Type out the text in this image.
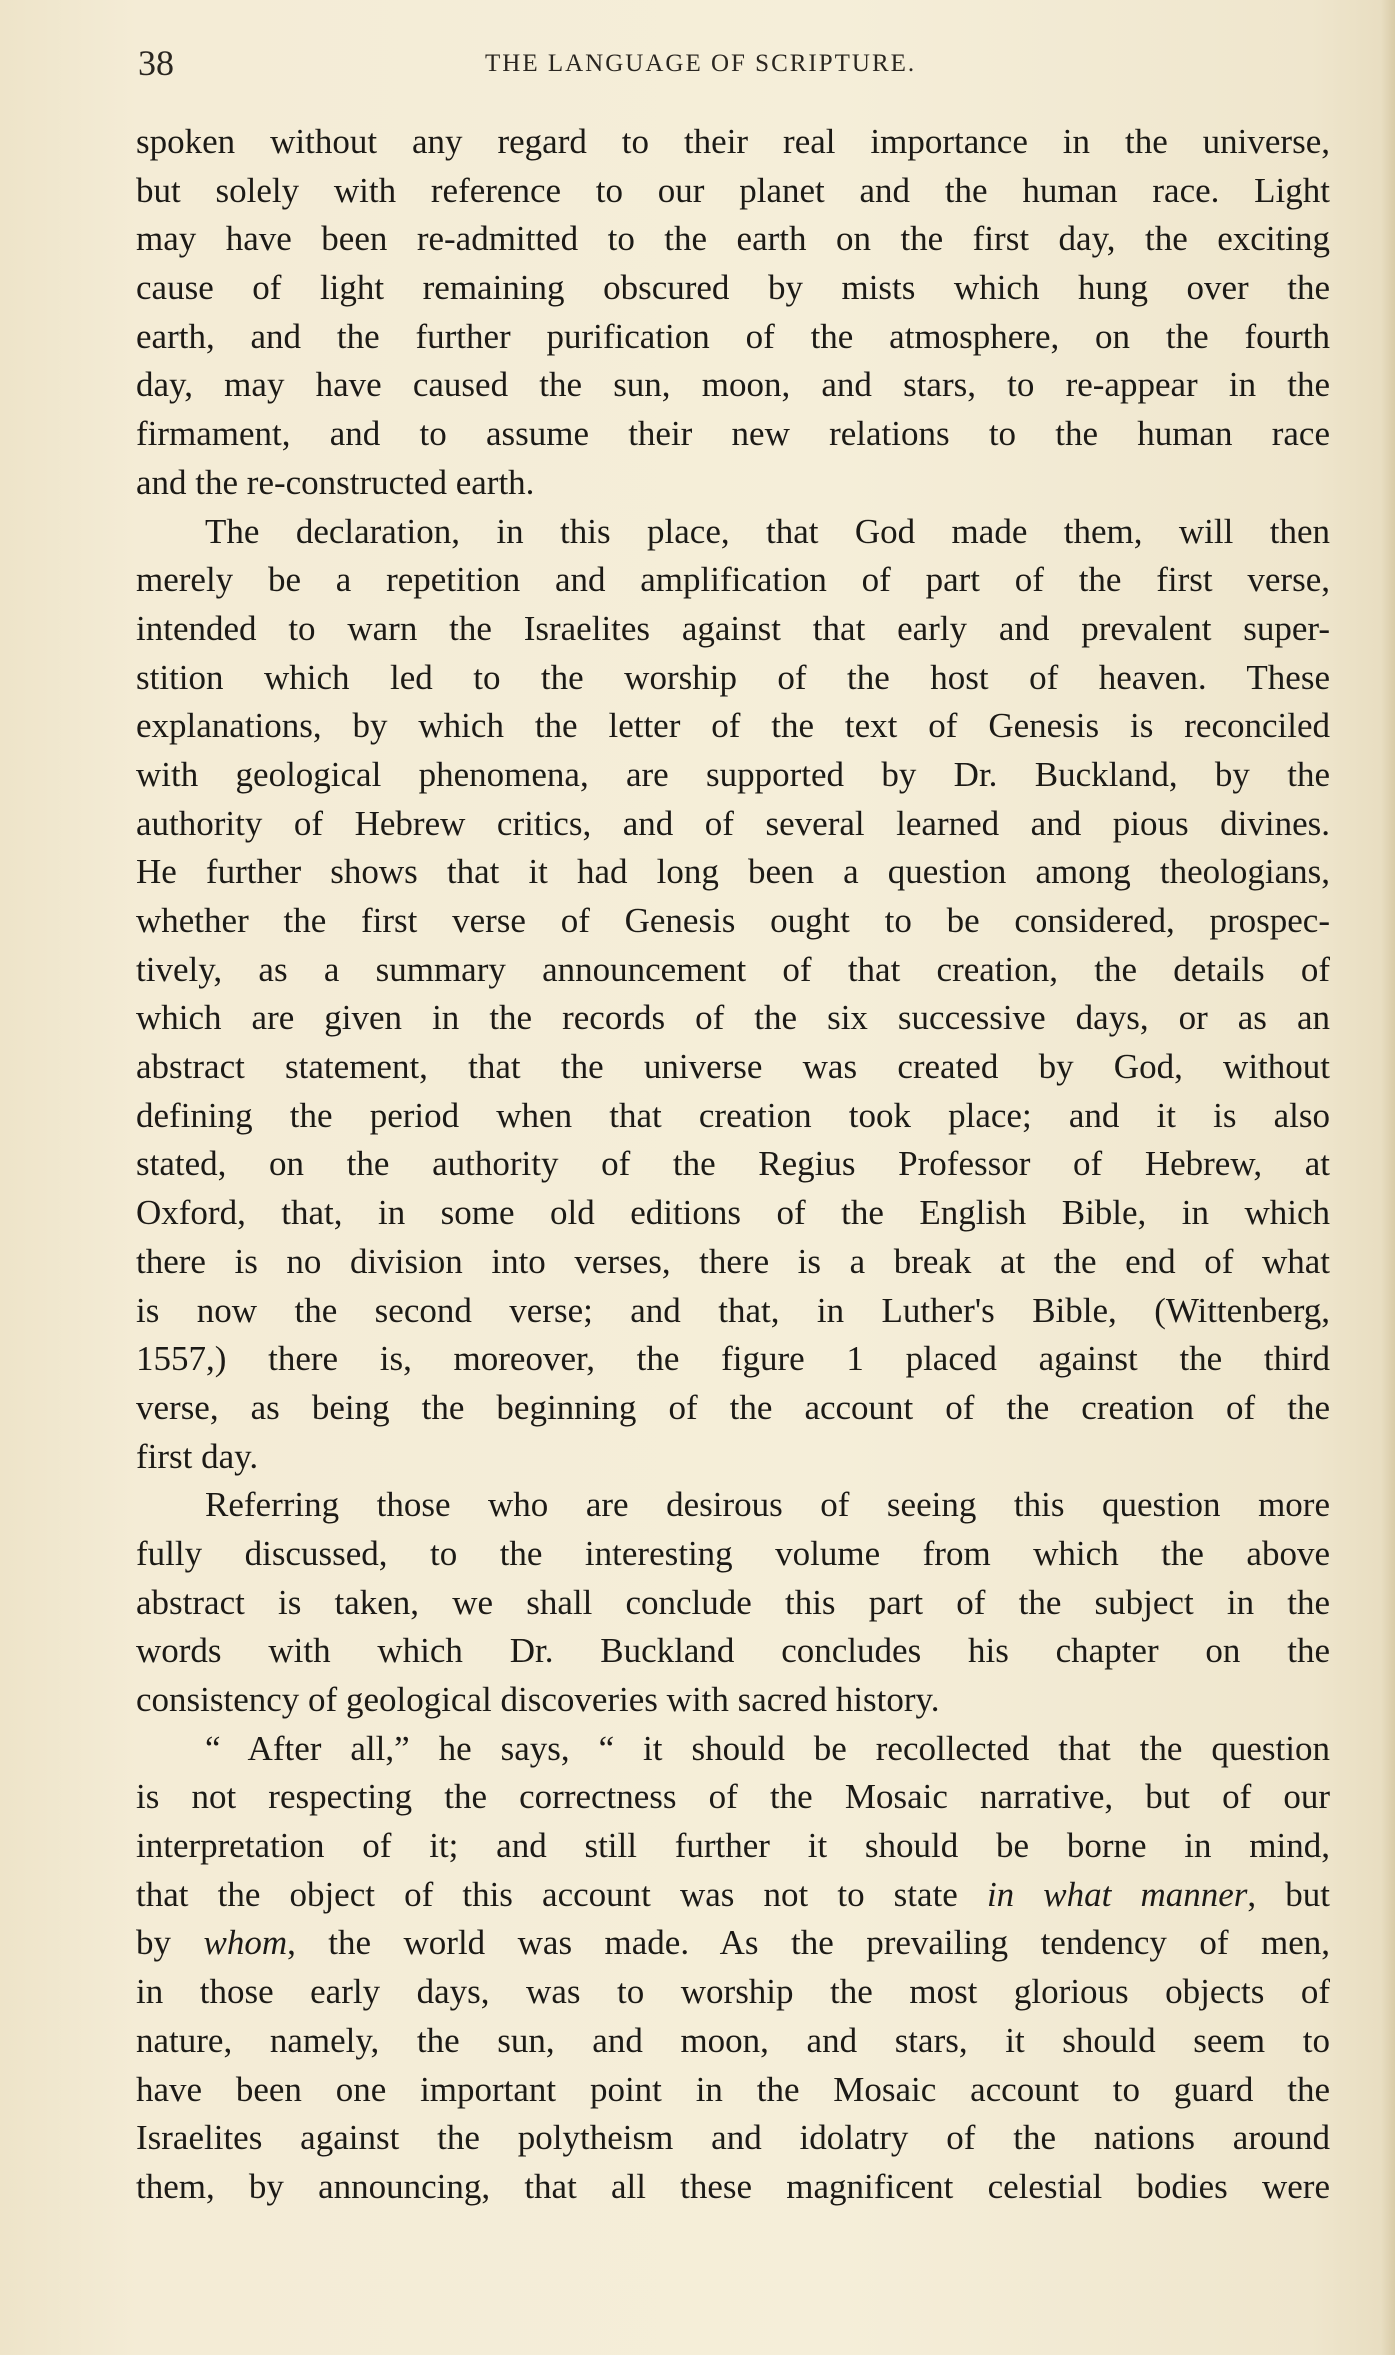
38	THE LANGUAGE OF SCRIPTURE.
spoken without any regard to their real importance in the universe,
but solely with reference to our planet and the human race. Light
may have been re-admitted to the earth on the first day, the exciting
cause of light remaining obscured by mists which hung over the
earth, and the further purification of the atmosphere, on the fourth
day, may have caused the sun, moon, and stars, to re-appear in the
firmament, and to assume their new relations to the human race
and the re-constructed earth.
The declaration, in this place, that God made them, will then
merely be a repetition and amplification of part of the first verse,
intended to warn the Israelites against that early and prevalent super-
stition which led to the worship of the host of heaven. These
explanations, by which the letter of the text of Genesis is reconciled
with geological phenomena, are supported by Dr. Buckland, by the
authority of Hebrew critics, and of several learned and pious divines.
He further shows that it had long been a question among theologians,
whether the first verse of Genesis ought to be considered, prospec-
tively, as a summary announcement of that creation, the details of
which are given in the records of the six successive days, or as an
abstract statement, that the universe was created by God, without
defining the period when that creation took place; and it is also
stated, on the authority of the Regius Professor of Hebrew, at
Oxford, that, in some old editions of the English Bible, in which
there is no division into verses, there is a break at the end of what
is now the second verse; and that, in Luther's Bible, (Wittenberg,
1557,) there is, moreover, the figure 1 placed against the third
verse, as being the beginning of the account of the creation of the
first day.
Referring those who are desirous of seeing this question more
fully discussed, to the interesting volume from which the above
abstract is taken, we shall conclude this part of the subject in the
words with which Dr. Buckland concludes his chapter on the
consistency of geological discoveries with sacred history.
“ After all,” he says, “ it should be recollected that the question
is not respecting the correctness of the Mosaic narrative, but of our
interpretation of it; and still further it should be borne in mind,
that the object of this account was not to state in what manner, but
by whom, the world was made. As the prevailing tendency of men,
in those early days, was to worship the most glorious objects of
nature, namely, the sun, and moon, and stars, it should seem to
have been one important point in the Mosaic account to guard the
Israelites against the polytheism and idolatry of the nations around
them, by announcing, that all these magnificent celestial bodies were
